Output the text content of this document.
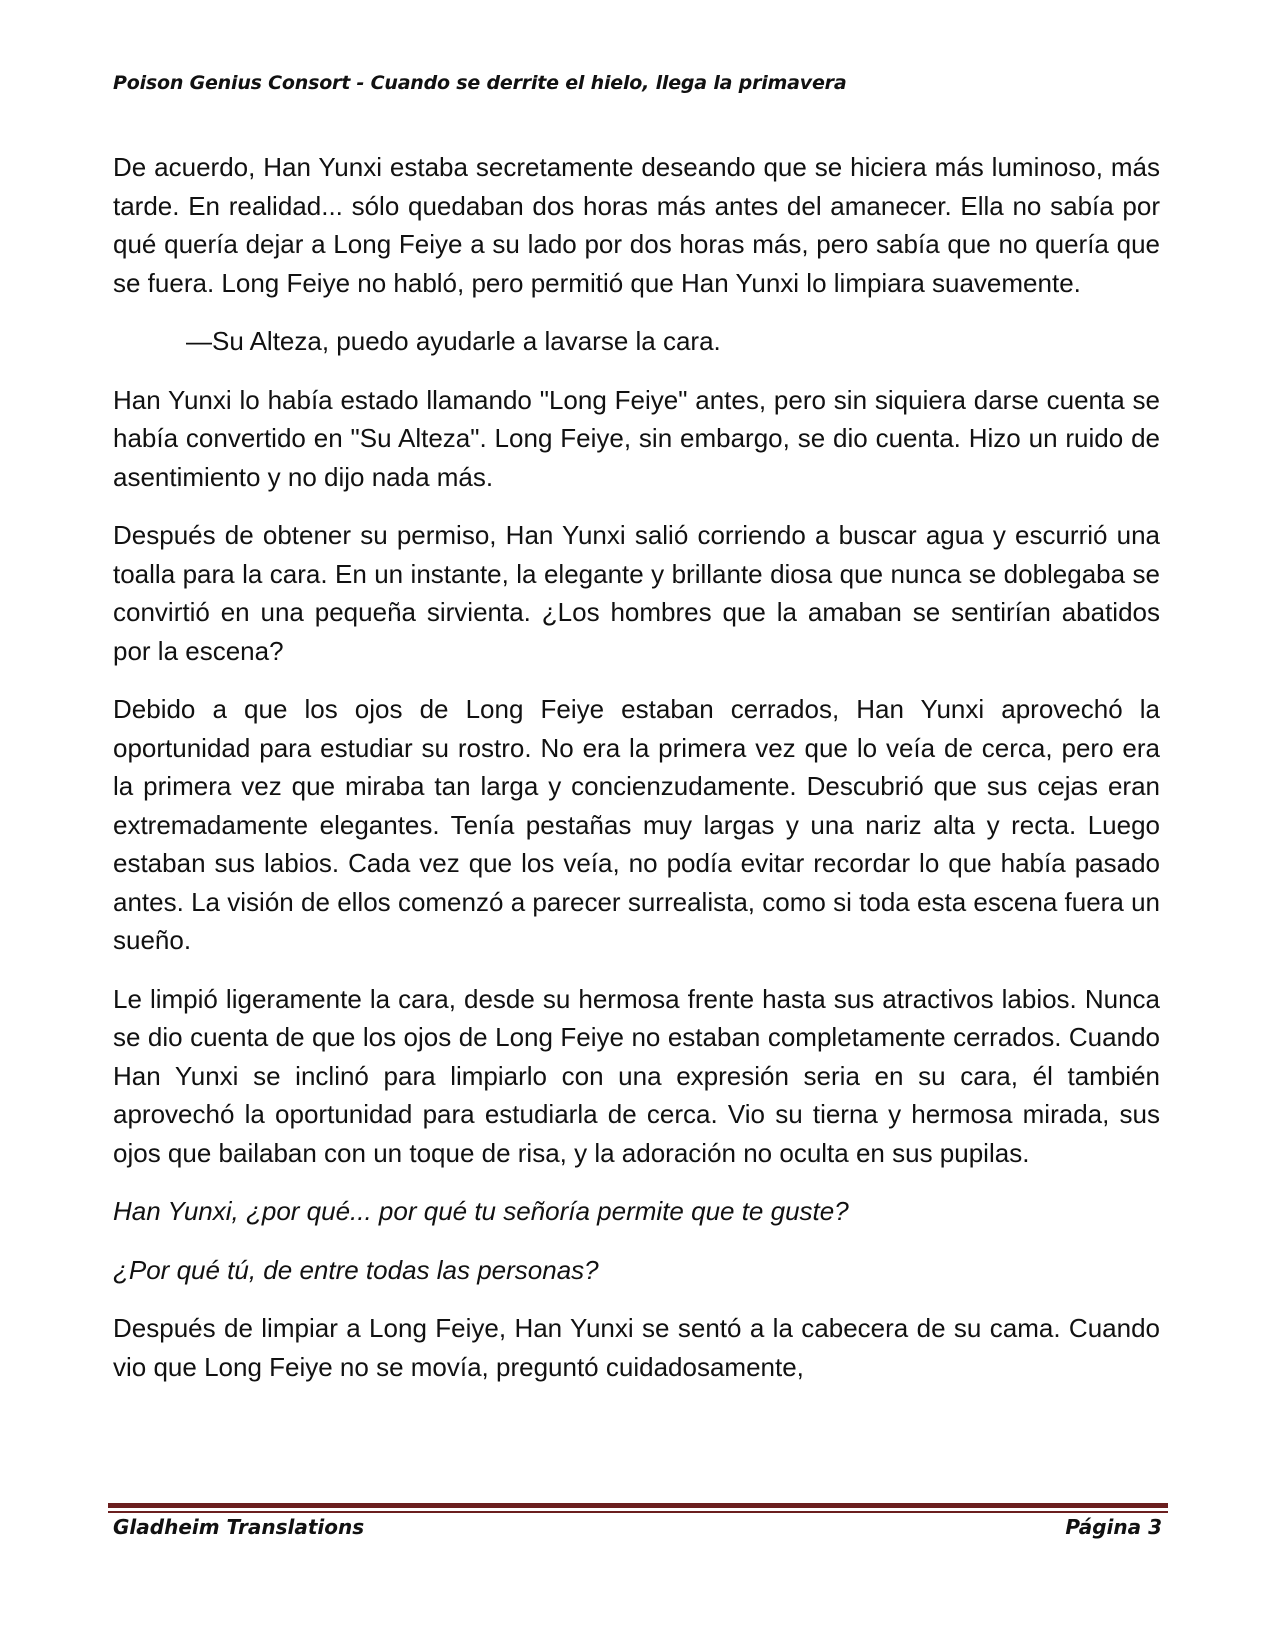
Poison Genius Consort - Cuando se derrite el hielo, llega la primavera

De acuerdo, Han Yunxi estaba secretamente deseando que se hiciera más luminoso, más tarde. En realidad... sólo quedaban dos horas más antes del amanecer. Ella no sabía por qué quería dejar a Long Feiye a su lado por dos horas más, pero sabía que no quería que se fuera. Long Feiye no habló, pero permitió que Han Yunxi lo limpiara suavemente.

—Su Alteza, puedo ayudarle a lavarse la cara.

Han Yunxi lo había estado llamando "Long Feiye" antes, pero sin siquiera darse cuenta se había convertido en "Su Alteza". Long Feiye, sin embargo, se dio cuenta. Hizo un ruido de asentimiento y no dijo nada más.

Después de obtener su permiso, Han Yunxi salió corriendo a buscar agua y escurrió una toalla para la cara. En un instante, la elegante y brillante diosa que nunca se doblegaba se convirtió en una pequeña sirvienta. ¿Los hombres que la amaban se sentirían abatidos por la escena?

Debido a que los ojos de Long Feiye estaban cerrados, Han Yunxi aprovechó la oportunidad para estudiar su rostro. No era la primera vez que lo veía de cerca, pero era la primera vez que miraba tan larga y concienzudamente. Descubrió que sus cejas eran extremadamente elegantes. Tenía pestañas muy largas y una nariz alta y recta. Luego estaban sus labios. Cada vez que los veía, no podía evitar recordar lo que había pasado antes. La visión de ellos comenzó a parecer surrealista, como si toda esta escena fuera un sueño.

Le limpió ligeramente la cara, desde su hermosa frente hasta sus atractivos labios. Nunca se dio cuenta de que los ojos de Long Feiye no estaban completamente cerrados. Cuando Han Yunxi se inclinó para limpiarlo con una expresión seria en su cara, él también aprovechó la oportunidad para estudiarla de cerca. Vio su tierna y hermosa mirada, sus ojos que bailaban con un toque de risa, y la adoración no oculta en sus pupilas.

Han Yunxi, ¿por qué... por qué tu señoría permite que te guste?

¿Por qué tú, de entre todas las personas?

Después de limpiar a Long Feiye, Han Yunxi se sentó a la cabecera de su cama. Cuando vio que Long Feiye no se movía, preguntó cuidadosamente,

Gladheim Translations	Página 3
